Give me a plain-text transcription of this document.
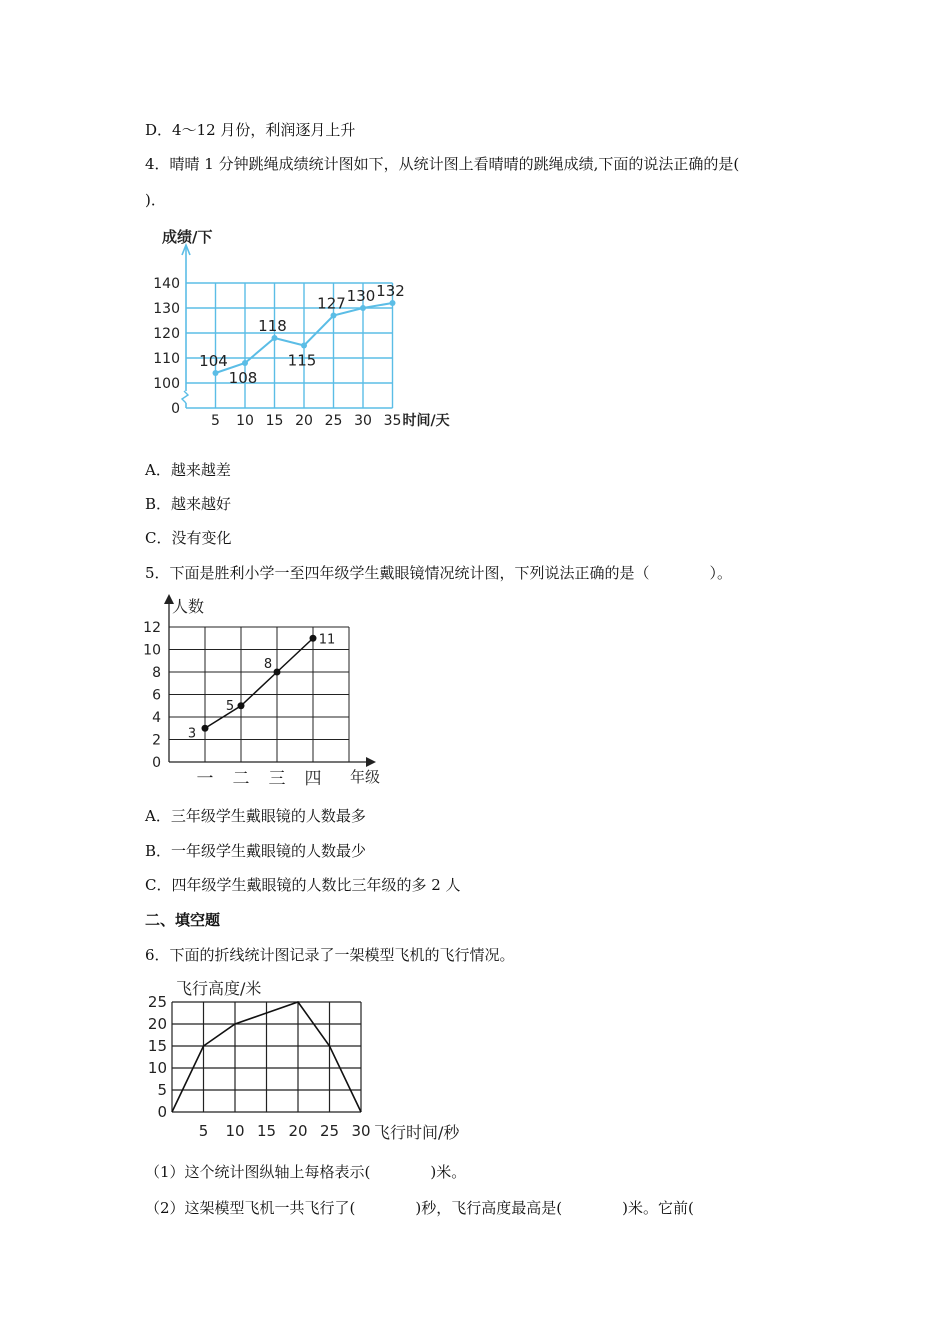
D．4～12 月份，利润逐月上升
4．晴晴 1 分钟跳绳成绩统计图如下，从统计图上看晴晴的跳绳成绩,下面的说法正确的是(
)．
成绩/下
0
100
110
120
130
140
5 10 15 20 25 30 35 时间/天
104
108
118
115
127 130 132
A．越来越差
B．越来越好
C．没有变化
5．下面是胜利小学一至四年级学生戴眼镜情况统计图，下列说法正确的是（　　　　）。
人数
0
2
4
6
8
10
12
一 二 三 四 年级
3
5
8
11
A．三年级学生戴眼镜的人数最多
B．一年级学生戴眼镜的人数最少
C．四年级学生戴眼镜的人数比三年级的多 2 人
二、填空题
6．下面的折线统计图记录了一架模型飞机的飞行情况。
飞行高度/米
0
5
10
15
20
25
5 10 15 20 25 30 飞行时间/秒
（1）这个统计图纵轴上每格表示(　　　　)米。
（2）这架模型飞机一共飞行了(　　　　)秒，飞行高度最高是(　　　　)米。它前(
